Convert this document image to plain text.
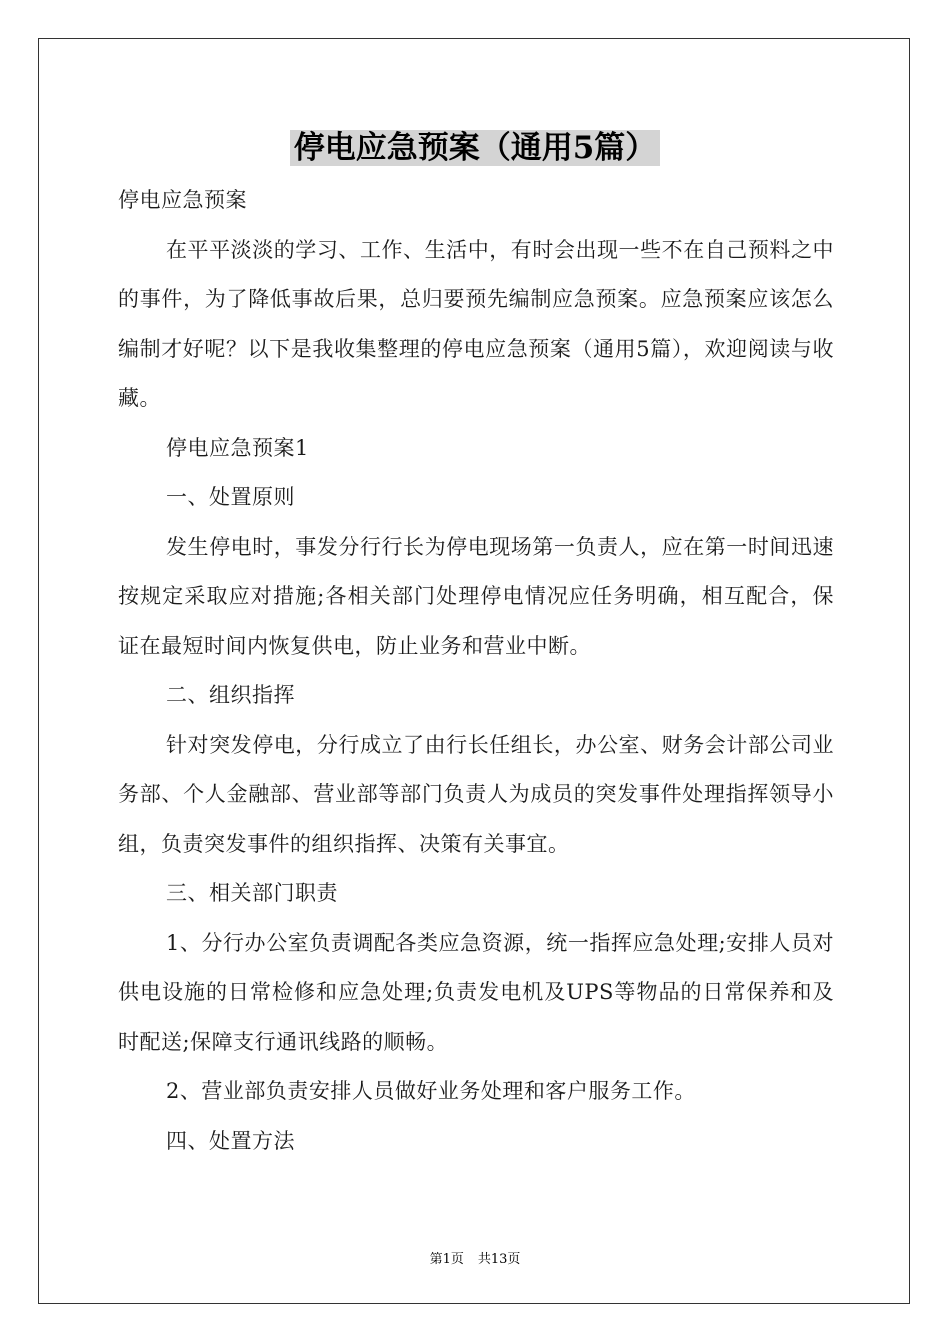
停电应急预案（通用5篇）

停电应急预案

在平平淡淡的学习、工作、生活中，有时会出现一些不在自己预料之中的事件，为了降低事故后果，总归要预先编制应急预案。应急预案应该怎么编制才好呢？以下是我收集整理的停电应急预案（通用5篇），欢迎阅读与收藏。

停电应急预案1

一、处置原则

发生停电时，事发分行行长为停电现场第一负责人，应在第一时间迅速按规定采取应对措施;各相关部门处理停电情况应任务明确，相互配合，保证在最短时间内恢复供电，防止业务和营业中断。

二、组织指挥

针对突发停电，分行成立了由行长任组长，办公室、财务会计部公司业务部、个人金融部、营业部等部门负责人为成员的突发事件处理指挥领导小组，负责突发事件的组织指挥、决策有关事宜。

三、相关部门职责

1、分行办公室负责调配各类应急资源，统一指挥应急处理;安排人员对供电设施的日常检修和应急处理;负责发电机及UPS等物品的日常保养和及时配送;保障支行通讯线路的顺畅。

2、营业部负责安排人员做好业务处理和客户服务工作。

四、处置方法

第1页 共13页
